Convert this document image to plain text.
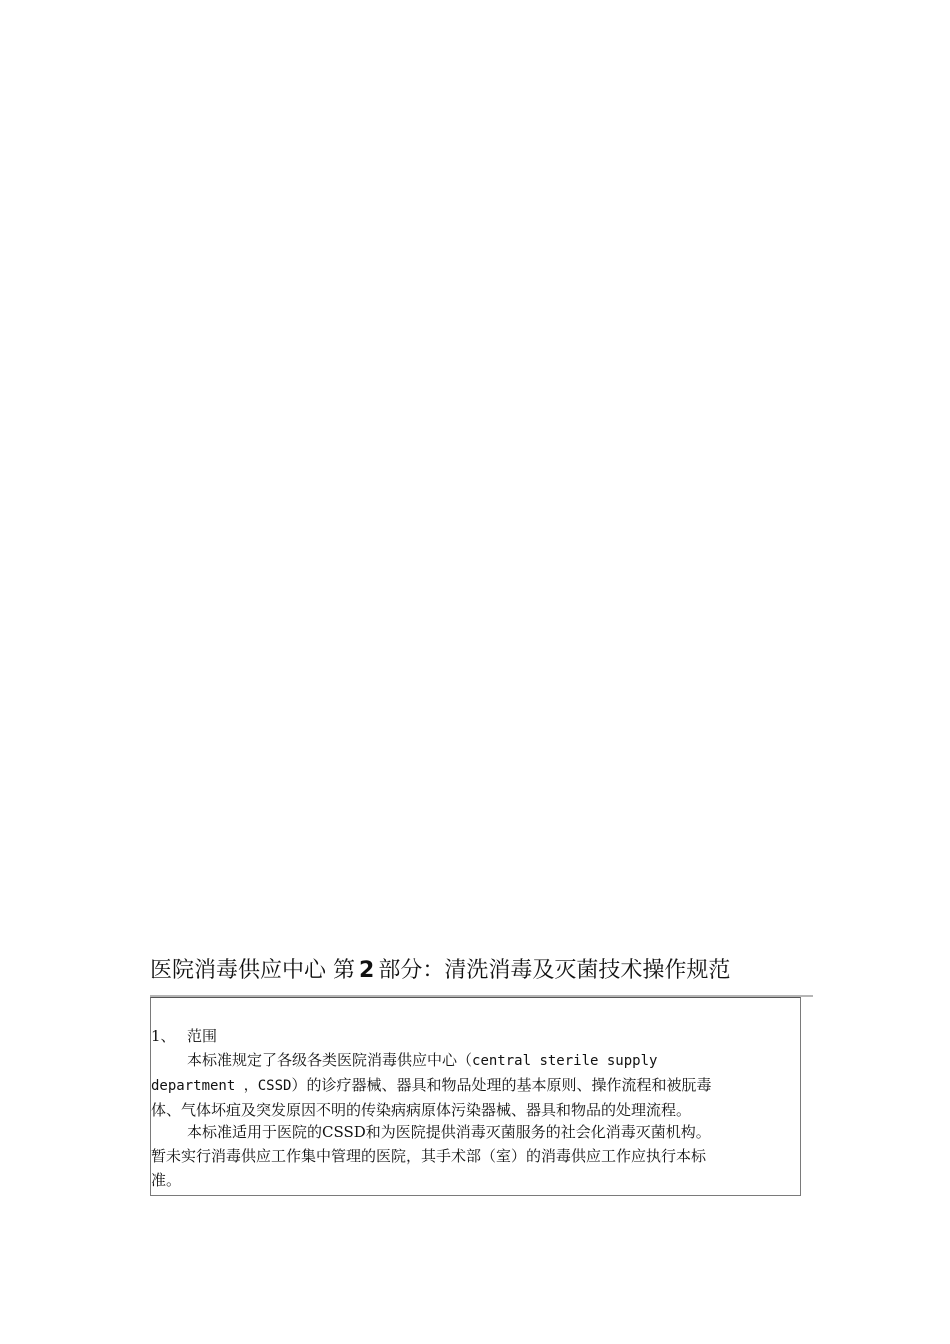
医院消毒供应中心 第 2 部分：清洗消毒及灭菌技术操作规范
1、 范围
本标准规定了各级各类医院消毒供应中心（central sterile supply
department ，CSSD）的诊疗器械、器具和物品处理的基本原则、操作流程和被朊毒
体、气体坏疽及突发原因不明的传染病病原体污染器械、器具和物品的处理流程。
本标准适用于医院的CSSD和为医院提供消毒灭菌服务的社会化消毒灭菌机构。
暂未实行消毒供应工作集中管理的医院，其手术部（室）的消毒供应工作应执行本标
准。
